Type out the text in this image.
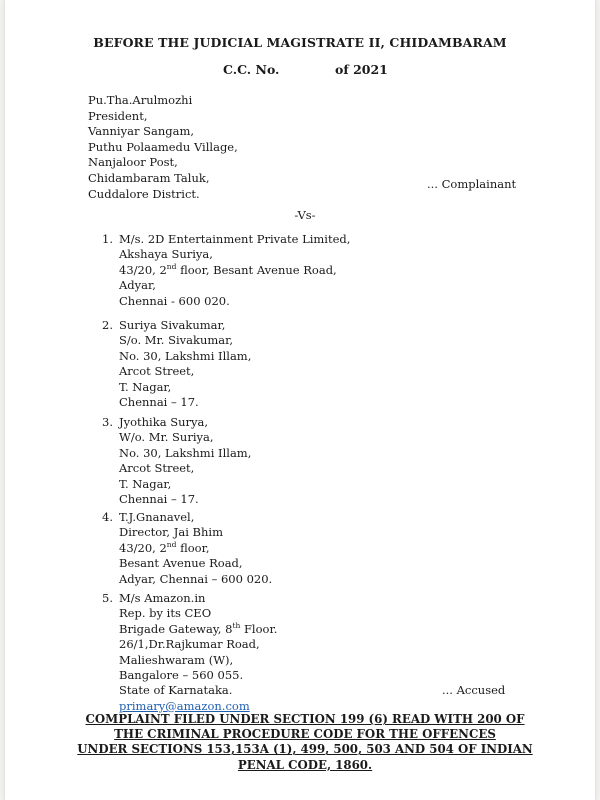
BEFORE THE JUDICIAL MAGISTRATE II, CHIDAMBARAM
C.C. No.	of 2021
Pu.Tha.Arulmozhi
President,
Vanniyar Sangam,
Puthu Polaamedu Village,
Nanjaloor Post,
Chidambaram Taluk,
Cuddalore District.
... Complainant
-Vs-
1. M/s. 2D Entertainment Private Limited,
Akshaya Suriya,
43/20, 2nd floor, Besant Avenue Road,
Adyar,
Chennai - 600 020.
2. Suriya Sivakumar,
S/o. Mr. Sivakumar,
No. 30, Lakshmi Illam,
Arcot Street,
T. Nagar,
Chennai – 17.
3. Jyothika Surya,
W/o. Mr. Suriya,
No. 30, Lakshmi Illam,
Arcot Street,
T. Nagar,
Chennai – 17.
4. T.J.Gnanavel,
Director, Jai Bhim
43/20, 2nd floor,
Besant Avenue Road,
Adyar, Chennai – 600 020.
5. M/s Amazon.in
Rep. by its CEO
Brigade Gateway, 8th Floor.
26/1,Dr.Rajkumar Road,
Malieshwaram (W),
Bangalore – 560 055.
State of Karnataka.
primary@amazon.com
... Accused
COMPLAINT FILED UNDER SECTION 199 (6) READ WITH 200 OF
THE CRIMINAL PROCEDURE CODE FOR THE OFFENCES
UNDER SECTIONS 153,153A (1), 499, 500, 503 AND 504 OF INDIAN
PENAL CODE, 1860.
